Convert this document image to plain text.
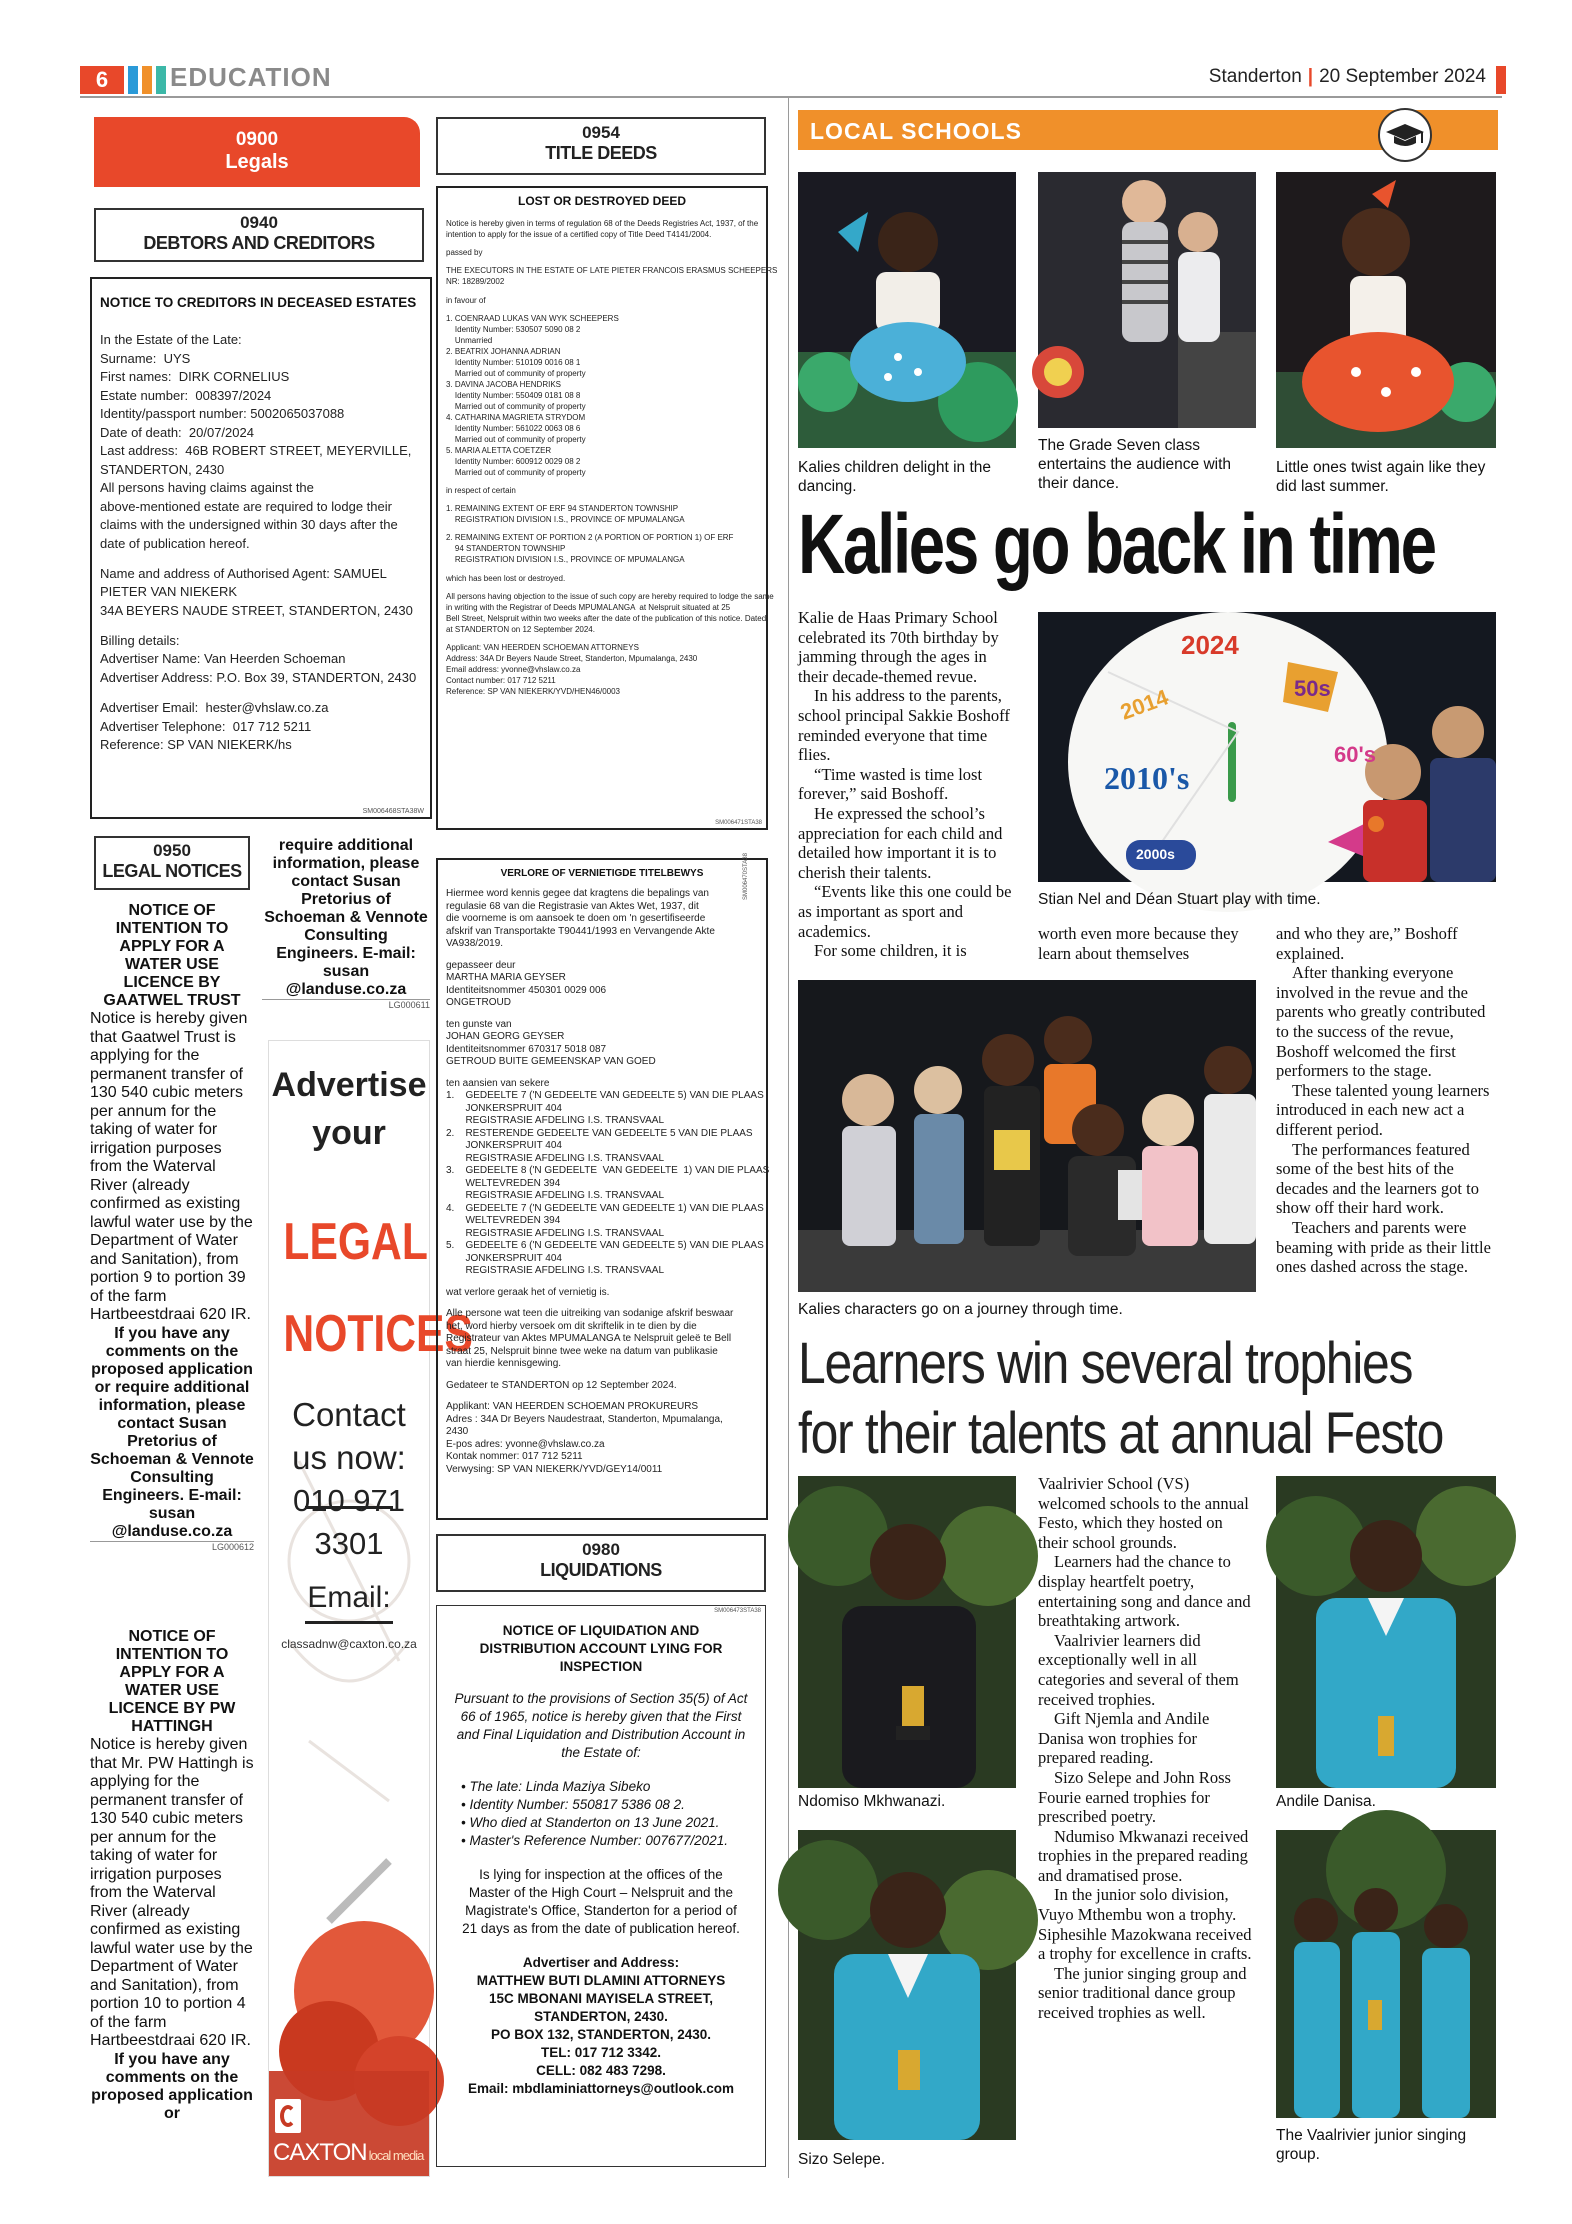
6	EDUCATION	Standerton | 20 September 2024
0900
Legals
0940
DEBTORS AND CREDITORS
NOTICE TO CREDITORS IN DECEASED ESTATES
In the Estate of the Late:
Surname:  UYS
First names:  DIRK CORNELIUS
Estate number:  008397/2024
Identity/passport number: 5002065037088
Date of death:  20/07/2024
Last address:  46B ROBERT STREET, MEYERVILLE,
STANDERTON, 2430
All persons having claims against the
above-mentioned estate are required to lodge their
claims with the undersigned within 30 days after the
date of publication hereof.
Name and address of Authorised Agent: SAMUEL
PIETER VAN NIEKERK
34A BEYERS NAUDE STREET, STANDERTON, 2430
Billing details:
Advertiser Name: Van Heerden Schoeman
Advertiser Address: P.O. Box 39, STANDERTON, 2430
Advertiser Email:  hester@vhslaw.co.za
Advertiser Telephone:  017 712 5211
Reference: SP VAN NIEKERK/hs
SM006468STA38W
0950
LEGAL NOTICES
NOTICE OF INTENTION TO APPLY FOR A WATER USE LICENCE BY GAATWEL TRUST
Notice is hereby given that Gaatwel Trust is applying for the permanent transfer of 130 540 cubic meters per annum for the taking of water for irrigation purposes from the Waterval River (already confirmed as existing lawful water use by the Department of Water and Sanitation), from portion 9 to portion 39 of the farm Hartbeestdraai 620 IR.
If you have any comments on the proposed application or require additional information, please contact Susan Pretorius of Schoeman & Vennote Consulting Engineers. E-mail: susan @landuse.co.za
LG000612
NOTICE OF INTENTION TO APPLY FOR A WATER USE LICENCE BY PW HATTINGH
Notice is hereby given that Mr. PW Hattingh is applying for the permanent transfer of 130 540 cubic meters per annum for the taking of water for irrigation purposes from the Waterval River (already confirmed as existing lawful water use by the Department of Water and Sanitation), from portion 10 to portion 4 of the farm Hartbeestdraai 620 IR.
If you have any comments on the proposed application or
require additional information, please contact Susan Pretorius of Schoeman & Vennote Consulting Engineers. E-mail: susan @landuse.co.za
LG000611
Advertise
your
LEGAL
NOTICES
Contact
us now:
010 971 3301
Email:
classadnw@caxton.co.za
CAXTON local media
0954
TITLE DEEDS
LOST OR DESTROYED DEED
Notice is hereby given in terms of regulation 68 of the Deeds Registries Act, 1937, of the
intention to apply for the issue of a certified copy of Title Deed T4141/2004.
passed by
THE EXECUTORS IN THE ESTATE OF LATE PIETER FRANCOIS ERASMUS SCHEEPERS
NR: 18289/2002
in favour of
1. COENRAAD LUKAS VAN WYK SCHEEPERS
Identity Number: 530507 5090 08 2
Unmarried
2. BEATRIX JOHANNA ADRIAN
Identity Number: 510109 0016 08 1
Married out of community of property
3. DAVINA JACOBA HENDRIKS
Identity Number: 550409 0181 08 8
Married out of community of property
4. CATHARINA MAGRIETA STRYDOM
Identity Number: 561022 0063 08 6
Married out of community of property
5. MARIA ALETTA COETZER
Identity Number: 600912 0029 08 2
Married out of community of property
in respect of certain
1. REMAINING EXTENT OF ERF 94 STANDERTON TOWNSHIP
REGISTRATION DIVISION I.S., PROVINCE OF MPUMALANGA
2. REMAINING EXTENT OF PORTION 2 (A PORTION OF PORTION 1) OF ERF
94 STANDERTON TOWNSHIP
REGISTRATION DIVISION I.S., PROVINCE OF MPUMALANGA
which has been lost or destroyed.
All persons having objection to the issue of such copy are hereby required to lodge the same
in writing with the Registrar of Deeds MPUMALANGA  at Nelspruit situated at 25
Bell Street, Nelspruit within two weeks after the date of the publication of this notice. Dated
at STANDERTON on 12 September 2024.
Applicant: VAN HEERDEN SCHOEMAN ATTORNEYS
Address: 34A Dr Beyers Naude Street, Standerton, Mpumalanga, 2430
Email address: yvonne@vhslaw.co.za
Contact number: 017 712 5211
Reference: SP VAN NIEKERK/YVD/HEN46/0003
SM006471STA38
VERLORE OF VERNIETIGDE TITELBEWYS
Hiermee word kennis gegee dat kragtens die bepalings van
regulasie 68 van die Registrasie van Aktes Wet, 1937, dit
die voorneme is om aansoek te doen om 'n gesertifiseerde
afskrif van Transportakte T90441/1993 en Vervangende Akte
VA938/2019.
gepasseer deur
MARTHA MARIA GEYSER
Identiteitsnommer 450301 0029 006
ONGETROUD
ten gunste van
JOHAN GEORG GEYSER
Identiteitsnommer 670317 5018 087
GETROUD BUITE GEMEENSKAP VAN GOED
ten aansien van sekere
1.    GEDEELTE 7 ('N GEDEELTE VAN GEDEELTE 5) VAN DIE PLAAS
JONKERSPRUIT 404
REGISTRASIE AFDELING I.S. TRANSVAAL
2.    RESTERENDE GEDEELTE VAN GEDEELTE 5 VAN DIE PLAAS
JONKERSPRUIT 404
REGISTRASIE AFDELING I.S. TRANSVAAL
3.    GEDEELTE 8 ('N GEDEELTE  VAN GEDEELTE  1) VAN DIE PLAAS
WELTEVREDEN 394
REGISTRASIE AFDELING I.S. TRANSVAAL
4.    GEDEELTE 7 ('N GEDEELTE VAN GEDEELTE 1) VAN DIE PLAAS
WELTEVREDEN 394
REGISTRASIE AFDELING I.S. TRANSVAAL
5.    GEDEELTE 6 ('N GEDEELTE VAN GEDEELTE 5) VAN DIE PLAAS
JONKERSPRUIT 404
REGISTRASIE AFDELING I.S. TRANSVAAL
wat verlore geraak het of vernietig is.
Alle persone wat teen die uitreiking van sodanige afskrif beswaar
het, word hierby versoek om dit skriftelik in te dien by die
Registrateur van Aktes MPUMALANGA te Nelspruit geleë te Bell
straat 25, Nelspruit binne twee weke na datum van publikasie
van hierdie kennisgewing.
Gedateer te STANDERTON op 12 September 2024.
Applikant: VAN HEERDEN SCHOEMAN PROKUREURS
Adres : 34A Dr Beyers Naudestraat, Standerton, Mpumalanga,
2430
E-pos adres: yvonne@vhslaw.co.za
Kontak nommer: 017 712 5211
Verwysing: SP VAN NIEKERK/YVD/GEY14/0011
SM006470STA38
0980
LIQUIDATIONS
SM006473STA38
NOTICE OF LIQUIDATION AND DISTRIBUTION ACCOUNT LYING FOR INSPECTION
Pursuant to the provisions of Section 35(5) of Act 66 of 1965, notice is hereby given that the First and Final Liquidation and Distribution Account in the Estate of:
• The late: Linda Maziya Sibeko
• Identity Number: 550817 5386 08 2.
• Who died at Standerton on 13 June 2021.
• Master's Reference Number: 007677/2021.
Is lying for inspection at the offices of the Master of the High Court – Nelspruit and the Magistrate's Office, Standerton for a period of 21 days as from the date of publication hereof.
Advertiser and Address:
MATTHEW BUTI DLAMINI ATTORNEYS
15C MBONANI MAYISELA STREET,
STANDERTON, 2430.
PO BOX 132, STANDERTON, 2430.
TEL: 017 712 3342.
CELL: 082 483 7298.
Email: mbdlaminiattorneys@outlook.com
LOCAL SCHOOLS
Kalies children delight in the dancing.
The Grade Seven class entertains the audience with their dance.
Little ones twist again like they did last summer.
Kalies go back in time

Kalie de Haas Primary School celebrated its 70th birthday by jamming through the ages in their decade-themed revue.

In his address to the parents, school principal Sakkie Boshoff reminded everyone that time flies.

“Time wasted is time lost forever,” said Boshoff.

He expressed the school’s appreciation for each child and detailed how important it is to cherish their talents.

“Events like this one could be as important as sport and academics.

For some children, it is

2024
2014	50s
2010's
60's
2000s
Stian Nel and Déan Stuart play with time.

worth even more because they learn about themselves

and who they are,” Boshoff explained.

After thanking everyone involved in the revue and the parents who greatly contributed to the success of the revue, Boshoff welcomed the first performers to the stage.

These talented young learners introduced in each new act a different period.

The performances featured some of the best hits of the decades and the learners got to show off their hard work.

Teachers and parents were beaming with pride as their little ones dashed across the stage.

Kalies characters go on a journey through time.
Learners win several trophies
for their talents at annual Festo
Ndomiso Mkhwanazi.	Andile Danisa.
Sizo Selepe.
The Vaalrivier junior singing group.

Vaalrivier School (VS) welcomed schools to the annual Festo, which they hosted on their school grounds.

Learners had the chance to display heartfelt poetry, entertaining song and dance and breathtaking artwork.

Vaalrivier learners did exceptionally well in all categories and several of them received trophies.

Gift Njemla and Andile Danisa won trophies for prepared reading.

Sizo Selepe and John Ross Fourie earned trophies for prescribed poetry.

Ndumiso Mkwanazi received trophies in the prepared reading and dramatised prose.

In the junior solo division, Vuyo Mthembu won a trophy. Siphesihle Mazokwana received a trophy for excellence in crafts.

The junior singing group and senior traditional dance group received trophies as well.
